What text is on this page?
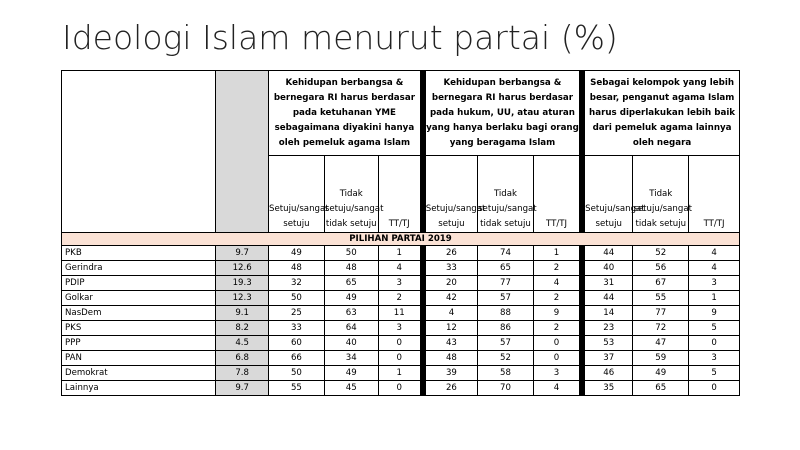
Ideologi Islam menurut partai (%)
		Kehidupan berbangsa & bernegara RI harus berdasar pada ketuhanan YME sebagaimana diyakini hanya oleh pemeluk agama Islam			Kehidupan berbangsa & bernegara RI harus berdasar pada hukum, UU, atau aturan yang hanya berlaku bagi orang yang beragama Islam			Sebagai kelompok yang lebih besar, penganut agama Islam harus diperlakukan lebih baik dari pemeluk agama lainnya oleh negara		
		Setuju/sangat setuju	Tidak setuju/sangat tidak setuju	TT/TJ	Setuju/sangat setuju	Tidak setuju/sangat tidak setuju	TT/TJ	Setuju/sangat setuju	Tidak setuju/sangat tidak setuju	TT/TJ
PILIHAN PARTAI 2019										
PKB	9.7	49	50	1	26	74	1	44	52	4
Gerindra	12.6	48	48	4	33	65	2	40	56	4
PDIP	19.3	32	65	3	20	77	4	31	67	3
Golkar	12.3	50	49	2	42	57	2	44	55	1
NasDem	9.1	25	63	11	4	88	9	14	77	9
PKS	8.2	33	64	3	12	86	2	23	72	5
PPP	4.5	60	40	0	43	57	0	53	47	0
PAN	6.8	66	34	0	48	52	0	37	59	3
Demokrat	7.8	50	49	1	39	58	3	46	49	5
Lainnya	9.7	55	45	0	26	70	4	35	65	0
